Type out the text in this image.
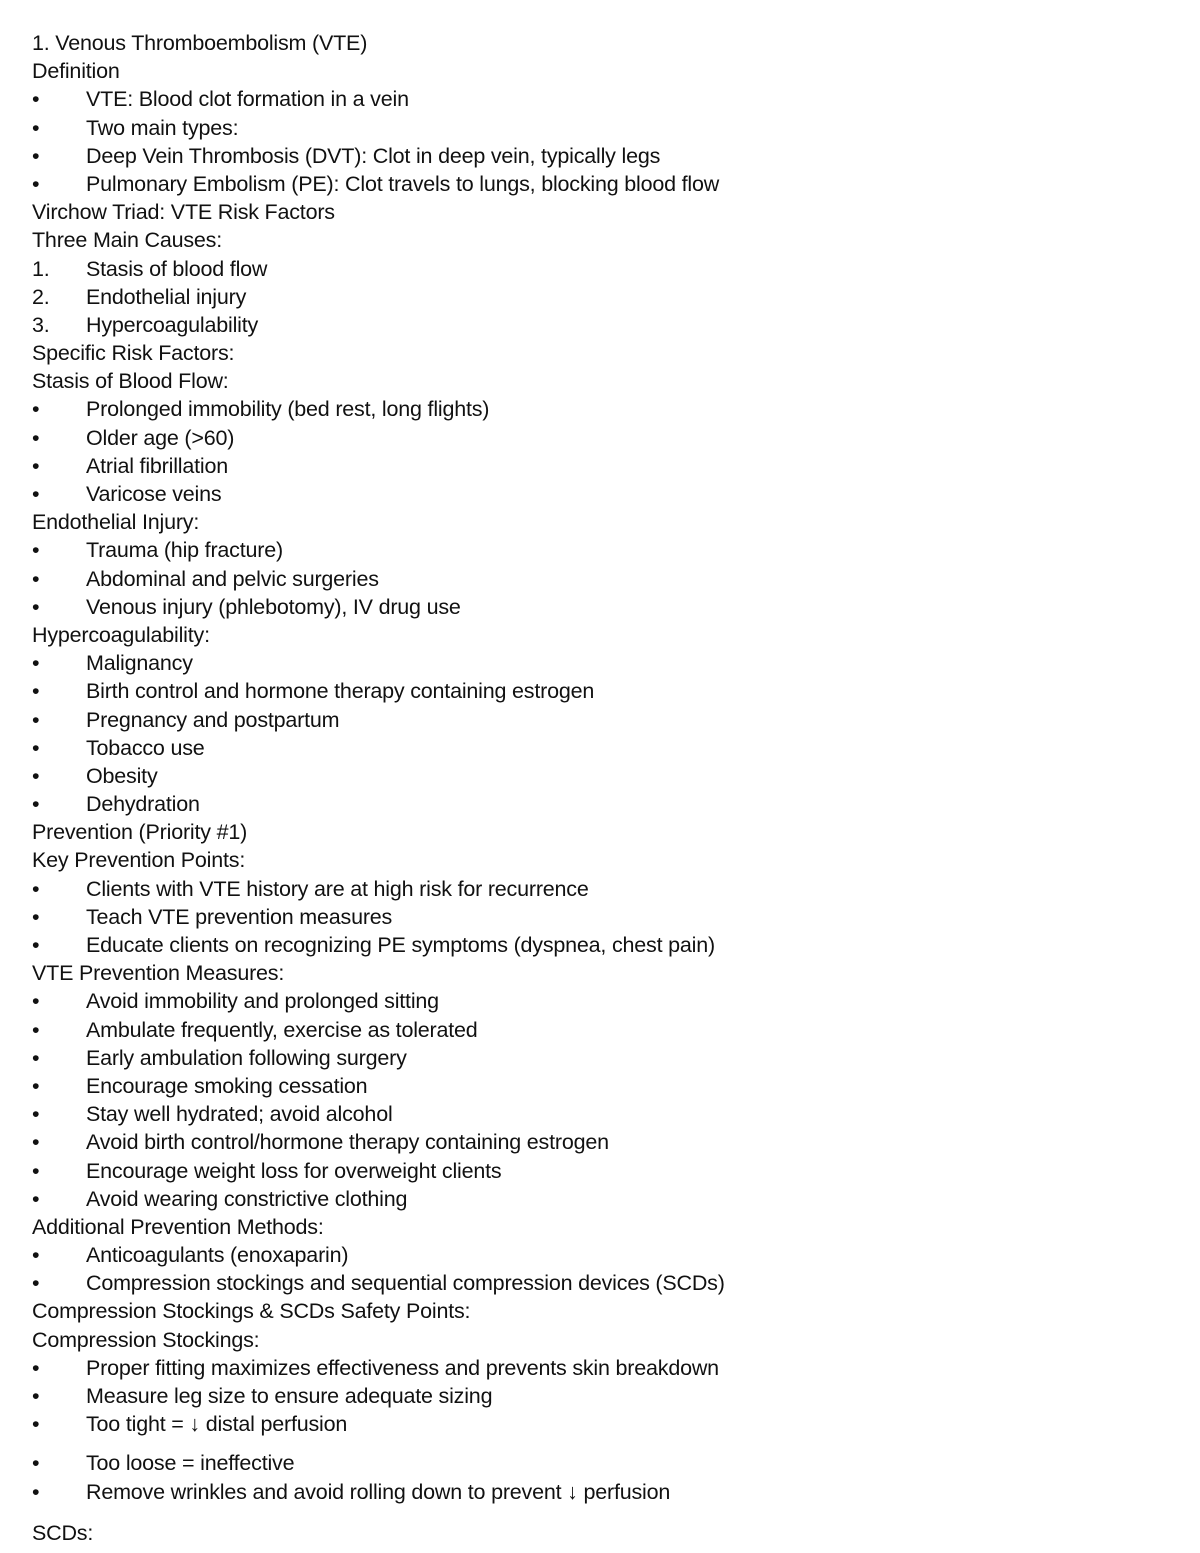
1. Venous Thromboembolism (VTE)
Definition
• VTE: Blood clot formation in a vein
• Two main types:
• Deep Vein Thrombosis (DVT): Clot in deep vein, typically legs
• Pulmonary Embolism (PE): Clot travels to lungs, blocking blood flow
Virchow Triad: VTE Risk Factors
Three Main Causes:
1. Stasis of blood flow
2. Endothelial injury
3. Hypercoagulability
Specific Risk Factors:
Stasis of Blood Flow:
• Prolonged immobility (bed rest, long flights)
• Older age (>60)
• Atrial fibrillation
• Varicose veins
Endothelial Injury:
• Trauma (hip fracture)
• Abdominal and pelvic surgeries
• Venous injury (phlebotomy), IV drug use
Hypercoagulability:
• Malignancy
• Birth control and hormone therapy containing estrogen
• Pregnancy and postpartum
• Tobacco use
• Obesity
• Dehydration
Prevention (Priority #1)
Key Prevention Points:
• Clients with VTE history are at high risk for recurrence
• Teach VTE prevention measures
• Educate clients on recognizing PE symptoms (dyspnea, chest pain)
VTE Prevention Measures:
• Avoid immobility and prolonged sitting
• Ambulate frequently, exercise as tolerated
• Early ambulation following surgery
• Encourage smoking cessation
• Stay well hydrated; avoid alcohol
• Avoid birth control/hormone therapy containing estrogen
• Encourage weight loss for overweight clients
• Avoid wearing constrictive clothing
Additional Prevention Methods:
• Anticoagulants (enoxaparin)
• Compression stockings and sequential compression devices (SCDs)
Compression Stockings & SCDs Safety Points:
Compression Stockings:
• Proper fitting maximizes effectiveness and prevents skin breakdown
• Measure leg size to ensure adequate sizing
• Too tight = ↓ distal perfusion
• Too loose = ineffective
• Remove wrinkles and avoid rolling down to prevent ↓ perfusion
SCDs:
